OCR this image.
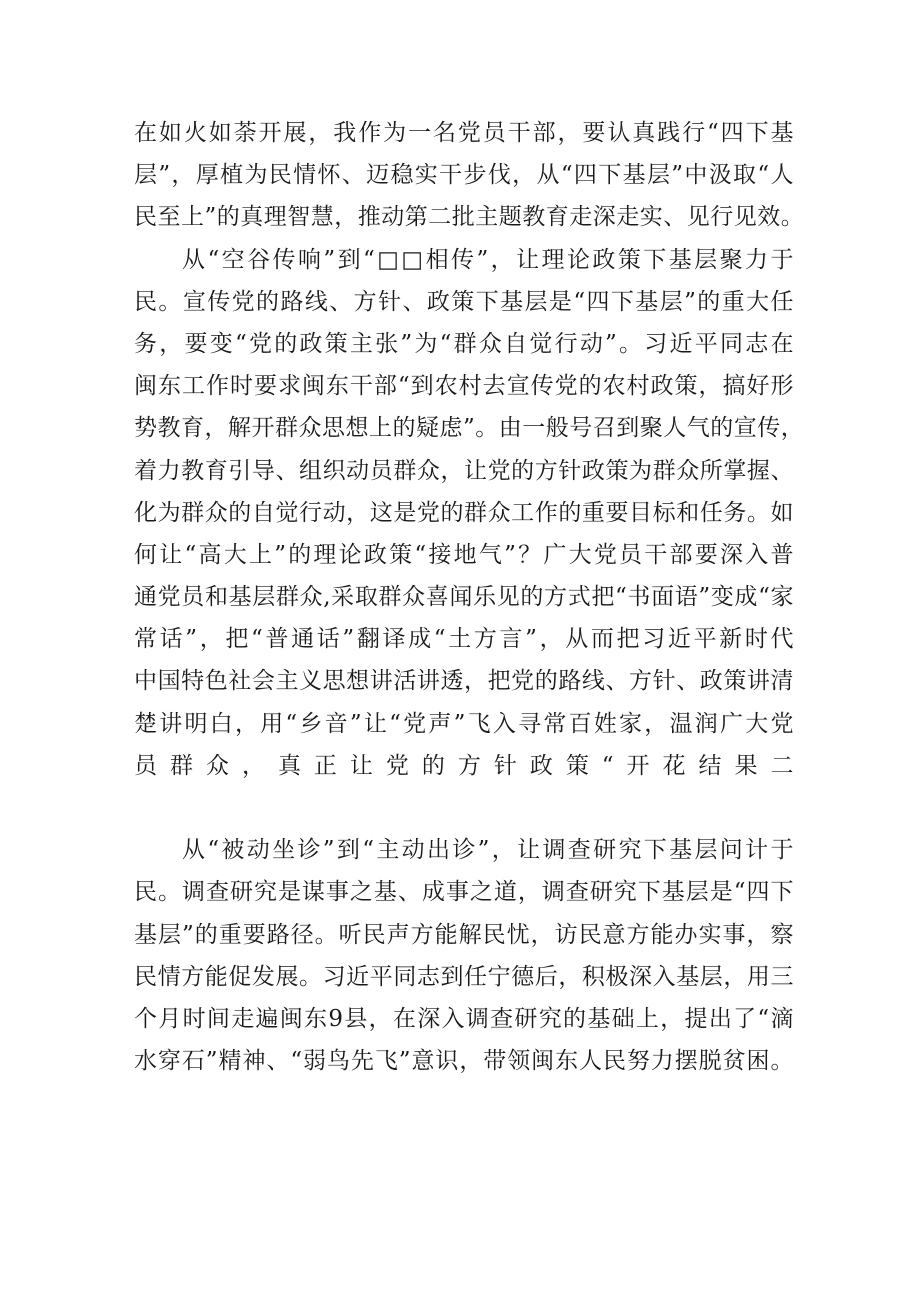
在如火如荼开展，我作为一名党员干部，要认真践行“四下基
层”，厚植为民情怀、迈稳实干步伐，从“四下基层”中汲取“人
民至上”的真理智慧，推动第二批主题教育走深走实、见行见效。
从“空谷传响”到“□□相传”，让理论政策下基层聚力于
民。宣传党的路线、方针、政策下基层是“四下基层”的重大任
务，要变“党的政策主张”为“群众自觉行动”。习近平同志在
闽东工作时要求闽东干部“到农村去宣传党的农村政策，搞好形
势教育，解开群众思想上的疑虑”。由一般号召到聚人气的宣传，
着力教育引导、组织动员群众，让党的方针政策为群众所掌握、
化为群众的自觉行动，这是党的群众工作的重要目标和任务。如
何让“高大上”的理论政策“接地气”？广大党员干部要深入普
通党员和基层群众,采取群众喜闻乐见的方式把“书面语”变成“家
常话”，把“普通话”翻译成“土方言”，从而把习近平新时代
中国特色社会主义思想讲活讲透，把党的路线、方针、政策讲清
楚讲明白，用“乡音”让“党声”飞入寻常百姓家，温润广大党
员群众，真正让党的方针政策“开花结果二
从“被动坐诊”到“主动出诊”，让调查研究下基层问计于
民。调查研究是谋事之基、成事之道，调查研究下基层是“四下
基层”的重要路径。听民声方能解民忧，访民意方能办实事，察
民情方能促发展。习近平同志到任宁德后，积极深入基层，用三
个月时间走遍闽东9县，在深入调查研究的基础上，提出了“滴
水穿石”精神、“弱鸟先飞”意识，带领闽东人民努力摆脱贫困。
